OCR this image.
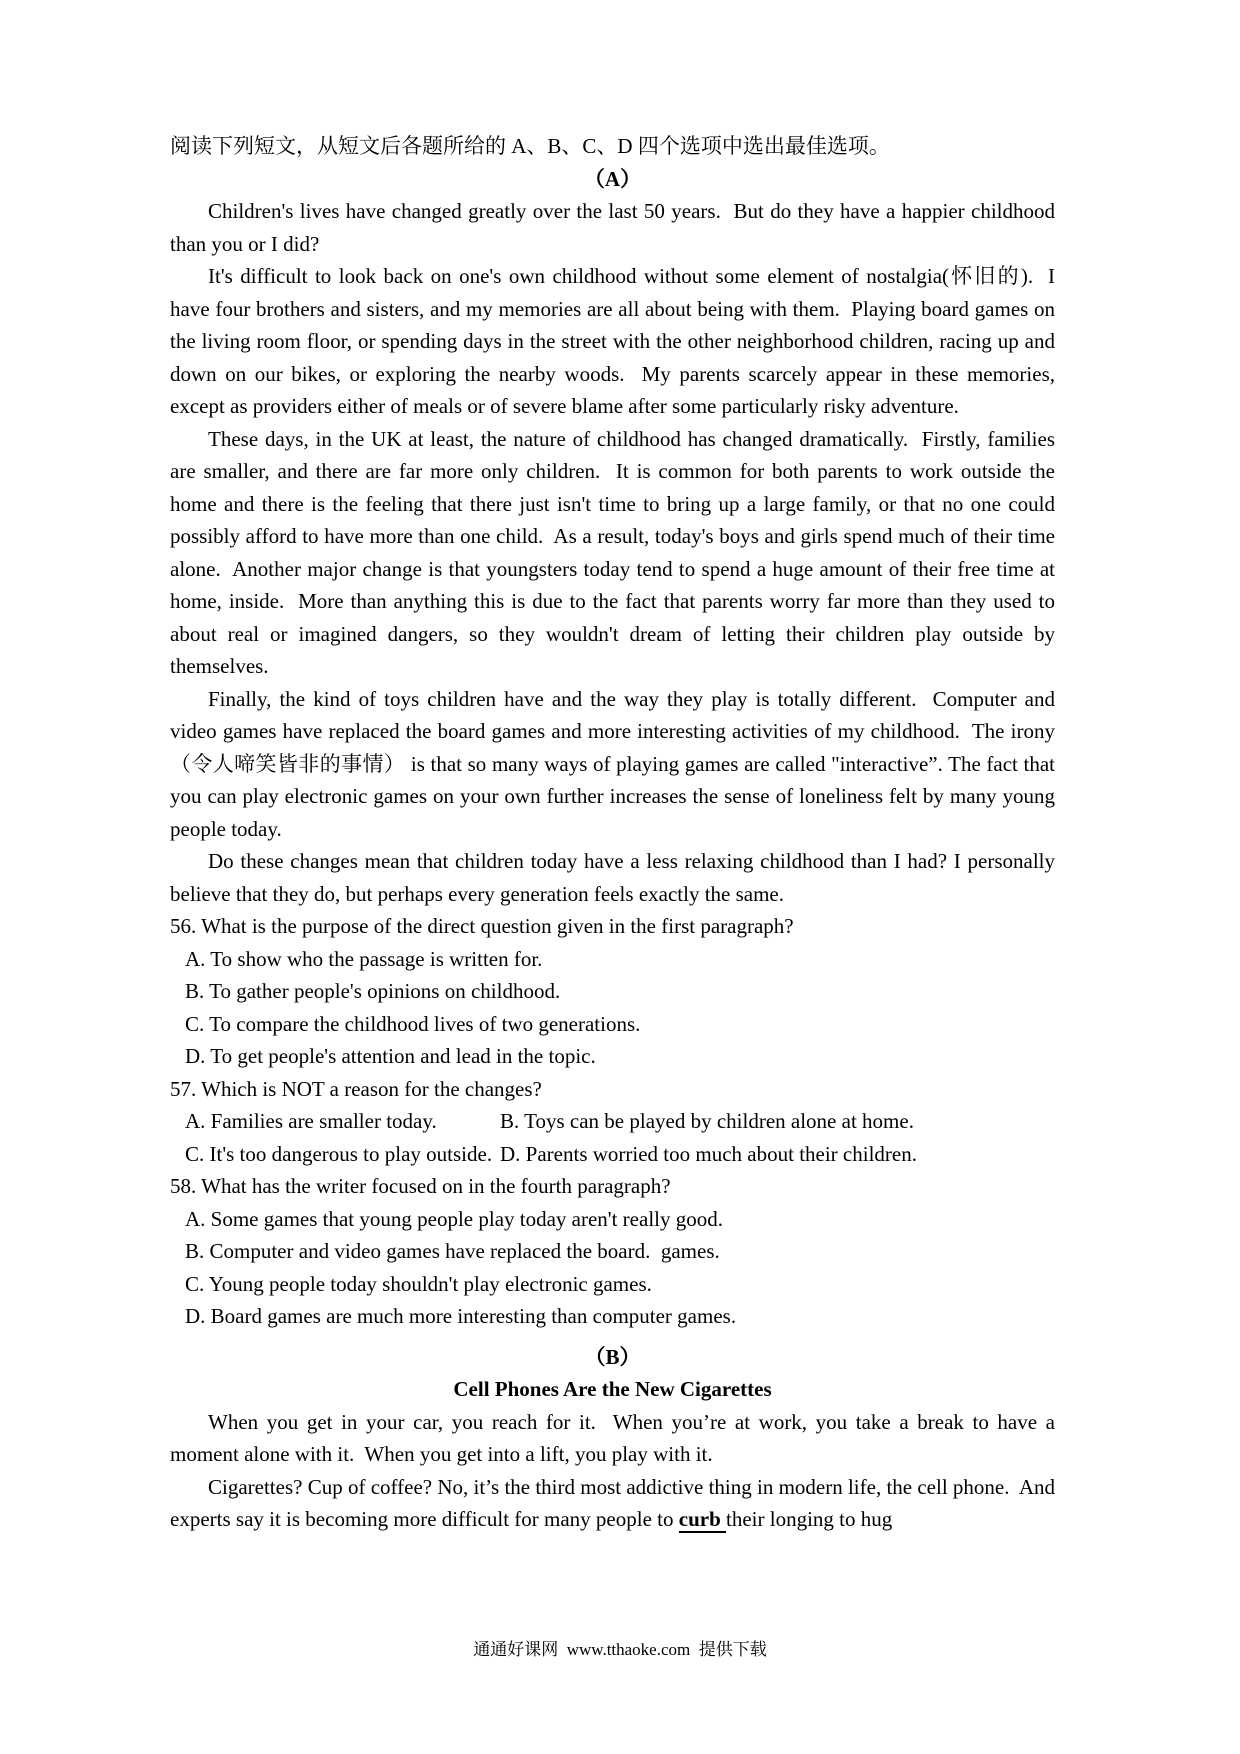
阅读下列短文，从短文后各题所给的 A、B、C、D 四个选项中选出最佳选项。

（A）

Children's lives have changed greatly over the last 50 years.  But do they have a happier childhood than you or I did?

It's difficult to look back on one's own childhood without some element of nostalgia(怀旧的).  I have four brothers and sisters, and my memories are all about being with them.  Playing board games on the living room floor, or spending days in the street with the other neighborhood children, racing up and down on our bikes, or exploring the nearby woods.  My parents scarcely appear in these memories, except as providers either of meals or of severe blame after some particularly risky adventure.

These days, in the UK at least, the nature of childhood has changed dramatically.  Firstly, families are smaller, and there are far more only children.  It is common for both parents to work outside the home and there is the feeling that there just isn't time to bring up a large family, or that no one could possibly afford to have more than one child.  As a result, today's boys and girls spend much of their time alone.  Another major change is that youngsters today tend to spend a huge amount of their free time at home, inside.  More than anything this is due to the fact that parents worry far more than they used to about real or imagined dangers, so they wouldn't dream of letting their children play outside by themselves.

Finally, the kind of toys children have and the way they play is totally different.  Computer and video games have replaced the board games and more interesting activities of my childhood.  The irony（令人啼笑皆非的事情） is that so many ways of playing games are called "interactive”. The fact that you can play electronic games on your own further increases the sense of loneliness felt by many young people today.

Do these changes mean that children today have a less relaxing childhood than I had? I personally believe that they do, but perhaps every generation feels exactly the same.

56. What is the purpose of the direct question given in the first paragraph?

A. To show who the passage is written for.

B. To gather people's opinions on childhood.

C. To compare the childhood lives of two generations.

D. To get people's attention and lead in the topic.

57. Which is NOT a reason for the changes?

A. Families are smaller today.	B. Toys can be played by children alone at home.
C. It's too dangerous to play outside. D. Parents worried too much about their children.

58. What has the writer focused on in the fourth paragraph?

A. Some games that young people play today aren't really good.

B. Computer and video games have replaced the board.  games.

C. Young people today shouldn't play electronic games.

D. Board games are much more interesting than computer games.

（B）

Cell Phones Are the New Cigarettes

When you get in your car, you reach for it.  When you’re at work, you take a break to have a moment alone with it.  When you get into a lift, you play with it.

Cigarettes? Cup of coffee? No, it’s the third most addictive thing in modern life, the cell phone.  And experts say it is becoming more difficult for many people to curb their longing to hug

通通好课网  www.tthaoke.com  提供下载
